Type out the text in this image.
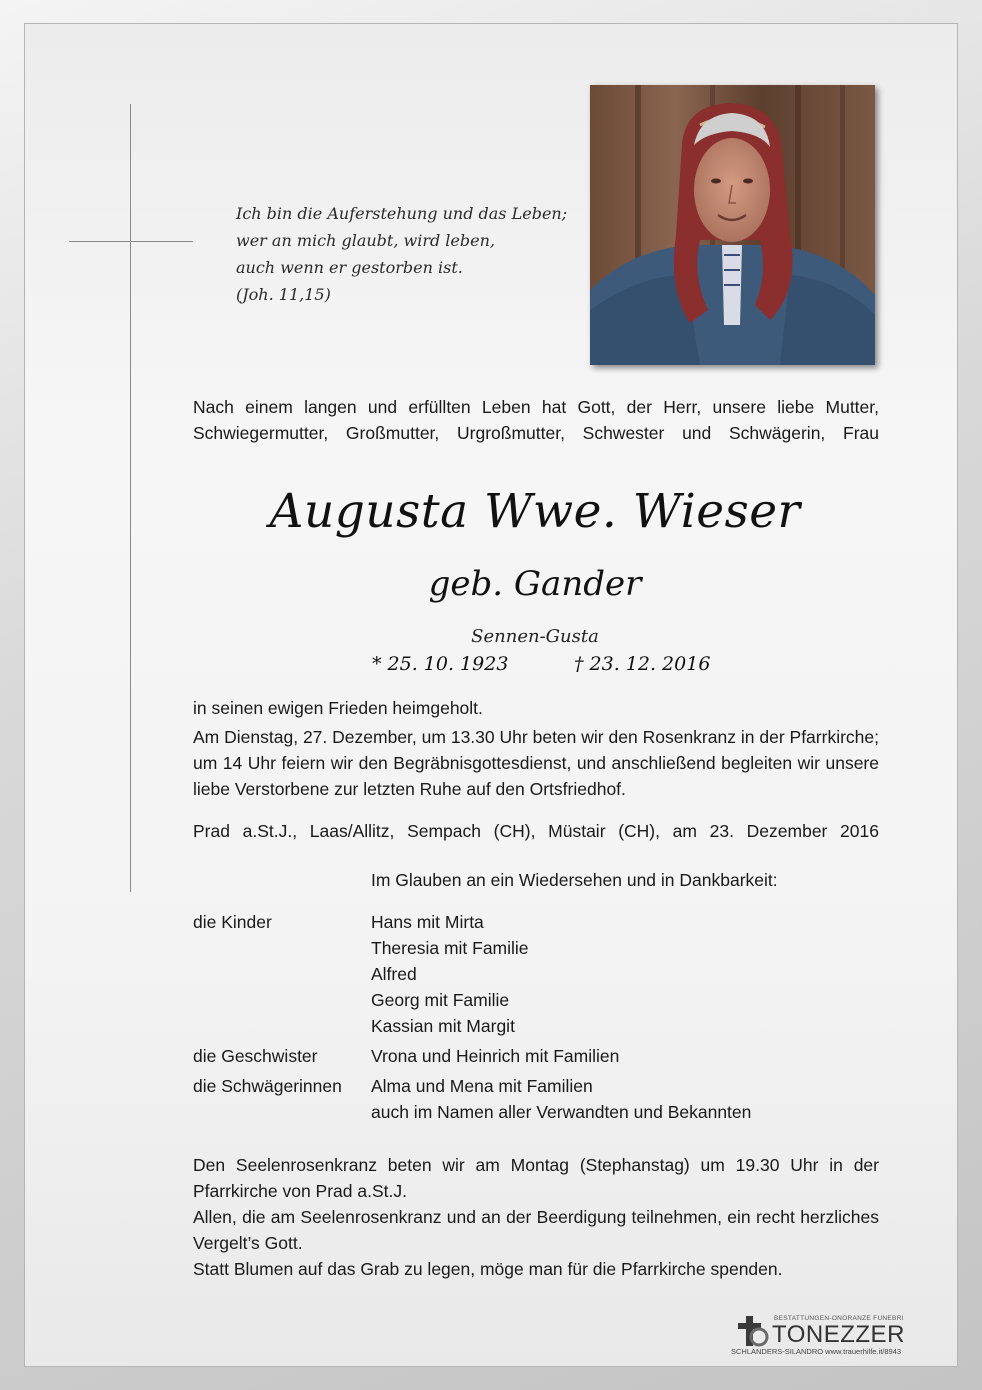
Ich bin die Auferstehung und das Leben;
wer an mich glaubt, wird leben,
auch wenn er gestorben ist.
(Joh. 11,15)
Nach einem langen und erfüllten Leben hat Gott, der Herr, unsere liebe Mutter,
Schwiegermutter, Großmutter, Urgroßmutter, Schwester und Schwägerin, Frau
Augusta Wwe. Wieser
geb. Gander
Sennen-Gusta
* 25. 10. 1923	† 23. 12. 2016
in seinen ewigen Frieden heimgeholt.
Am Dienstag, 27. Dezember, um 13.30 Uhr beten wir den Rosenkranz in der Pfarrkirche; um 14 Uhr feiern wir den Begräbnisgottesdienst, und anschließend begleiten wir unsere liebe Verstorbene zur letzten Ruhe auf den Ortsfriedhof.
Prad a.St.J., Laas/Allitz, Sempach (CH), Müstair (CH), am 23. Dezember 2016
Im Glauben an ein Wiedersehen und in Dankbarkeit:
die Kinder	Hans mit Mirta
Theresia mit Familie
Alfred
Georg mit Familie
Kassian mit Margit
die Geschwister	Vrona und Heinrich mit Familien
die Schwägerinnen	Alma und Mena mit Familien
auch im Namen aller Verwandten und Bekannten
Den Seelenrosenkranz beten wir am Montag (Stephanstag) um 19.30 Uhr in der Pfarrkirche von Prad a.St.J.
Allen, die am Seelenrosenkranz und an der Beerdigung teilnehmen, ein recht herzliches Vergelt’s Gott.
Statt Blumen auf das Grab zu legen, möge man für die Pfarrkirche spenden.
BESTATTUNGEN-ONORANZE FUNEBRI
TONEZZER
SCHLANDERS-SILANDRO www.trauerhilfe.it/8943
